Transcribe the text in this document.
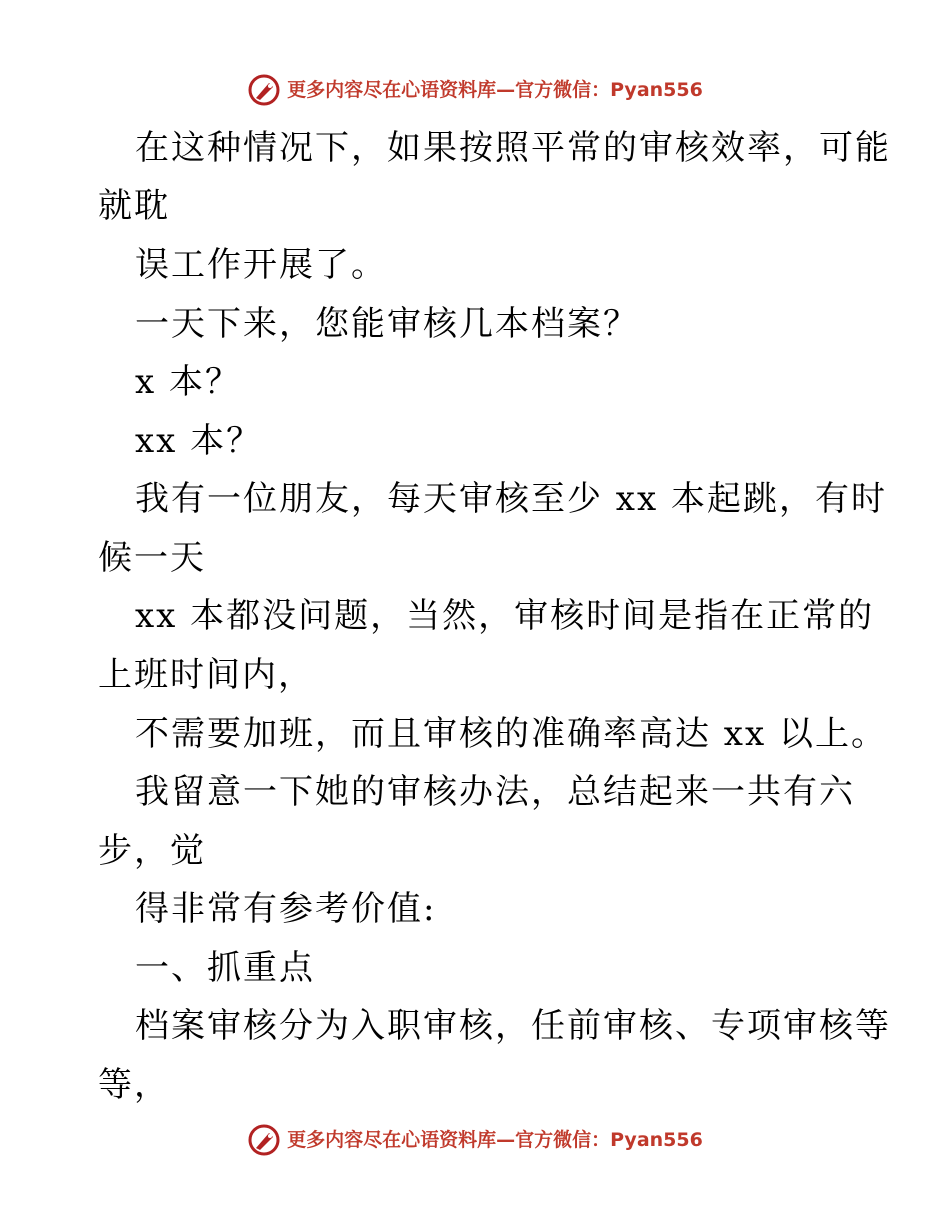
更多内容尽在心语资料库—官方微信：Pyan556
在这种情况下，如果按照平常的审核效率，可能
就耽
误工作开展了。
一天下来，您能审核几本档案？
x 本？
xx 本？
我有一位朋友，每天审核至少 xx 本起跳，有时
候一天
xx 本都没问题，当然，审核时间是指在正常的
上班时间内，
不需要加班，而且审核的准确率高达 xx 以上。
我留意一下她的审核办法，总结起来一共有六
步，觉
得非常有参考价值:
一、抓重点
档案审核分为入职审核，任前审核、专项审核等
等，
更多内容尽在心语资料库—官方微信：Pyan556
